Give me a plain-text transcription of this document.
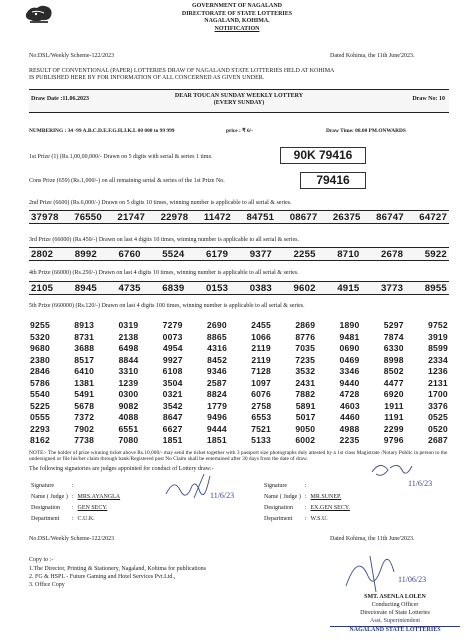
GOVERNMENT OF NAGALAND
DIRECTORATE OF STATE LOTTERIES
NAGALAND, KOHIMA.
NOTIFICATION
No.DSL/Weekly Scheme-122/2023	Dated Kohima, the 11th June'2023.
RESULT OF CONVENTIONAL (PAPER) LOTTERIES DRAW OF NAGALAND STATE LOTTERIES HELD AT KOHIMA
IS PUBLISHED HERE BY FOR INFORMATION OF ALL CONCERNED AS GIVEN UNDER.
Draw Date :11.06.2023	DEAR TOUCAN SUNDAY WEEKLY LOTTERY
(EVERY SUNDAY)
Draw No: 10
NUMBERING : 34 -99 A.B.C.D.E.F.G.H.J.K.L 00 000 to 99 999	price : ₹ 6/-	Draw Time: 08.00 PM.ONWARDS
1st Prize (1) (Rs.1,00,00,000/- Drawn on 5 digits with serial & series 1 time.	90K 79416
Cons Prize (659) (Rs.1,000/-) on all remaining serial & series of the 1st Prize No.	79416
2nd Prize (6600) (Rs.6,000/-) Drawn on 5 digits 10 times, winning number is applicable to all serial & series.
37978 76550 21747 22978 11472 84751 08677 26375 86747 64727
3rd Prize (66000) (Rs.450/-) Drawn on last 4 digits 10 times, winning number is applicable to all serial & series.
2802 8992 6760 5524 6179 9377 2255 8710 2678 5922
4th Prize (66000) (Rs.250/-) Drawn on last 4 digits 10 times, winning number is applicable to all serial & series.
2105 8945 4735 6839 0153 0383 9602 4915 3773 8955
5th Prize (660000) (Rs.120/-) Drawn on last 4 digits 100 times, winning number is applicable to all serial & series.
9255	8913	0319	7279	2690	2455	2869	1890	5297	9752
5320	8731	2138	0073	8865	1066	8776	9481	7874	3919
9680	3688	6498	4954	4316	2119	7035	0690	6330	8599
2380	8517	8844	9927	8452	2119	7235	0469	8998	2334
2846	6410	3310	6108	9346	7128	3532	3346	8502	1236
5786	1381	1239	3504	2587	1097	2431	9440	4477	2131
5540	5491	0300	0321	8824	6076	7882	4728	6920	1700
5225	5678	9082	3542	1779	2758	5891	4603	1911	3376
0555	7372	4088	8647	9496	6553	5017	4460	1191	0525
2293	7902	6551	6627	9444	7521	9050	4988	2299	0520
8162	7738	7080	1851	1851	5133	6002	2235	9796	2687
NOTE:- The holder of prize winning ticket above Rs.10,000/- may send the ticket together with 3 passport size photographs duly attested by a 1st class Magistrate /Notary Public in person to the undersigned or file his/her claim through bank/Registered post No Claim shall be entertained after 30 days from the date of draw.
The following signatories are judges appointed for conduct of Lottery draw:-
Signature	:	
Name ( Judge )	:	MRS.AYANGLA
Designation	:	GEN SECY.
Department	:	C.U.K.
11/6/23
Signature	:	
Name ( Judge )	:	MR.SUNEP.
Designation	:	EX.GEN SECY.
Department	:	W.S.U.
11/6/23
No.DSL/Weekly Scheme-122/2023	Dated Kohima, the 11th June'2023.
Copy to :-
1.The Director, Printing & Stationery, Nagaland, Kohima for publications
2. FG & HSPL - Future Gaming and Hotel Services Pvt.Ltd.,
3. Office Copy
11/06/23
SMT. ASENLA LOLEN
Conducting Officer
Directorate of State Lotteries
Asst. Superintendent
NAGALAND STATE LOTTERIES
